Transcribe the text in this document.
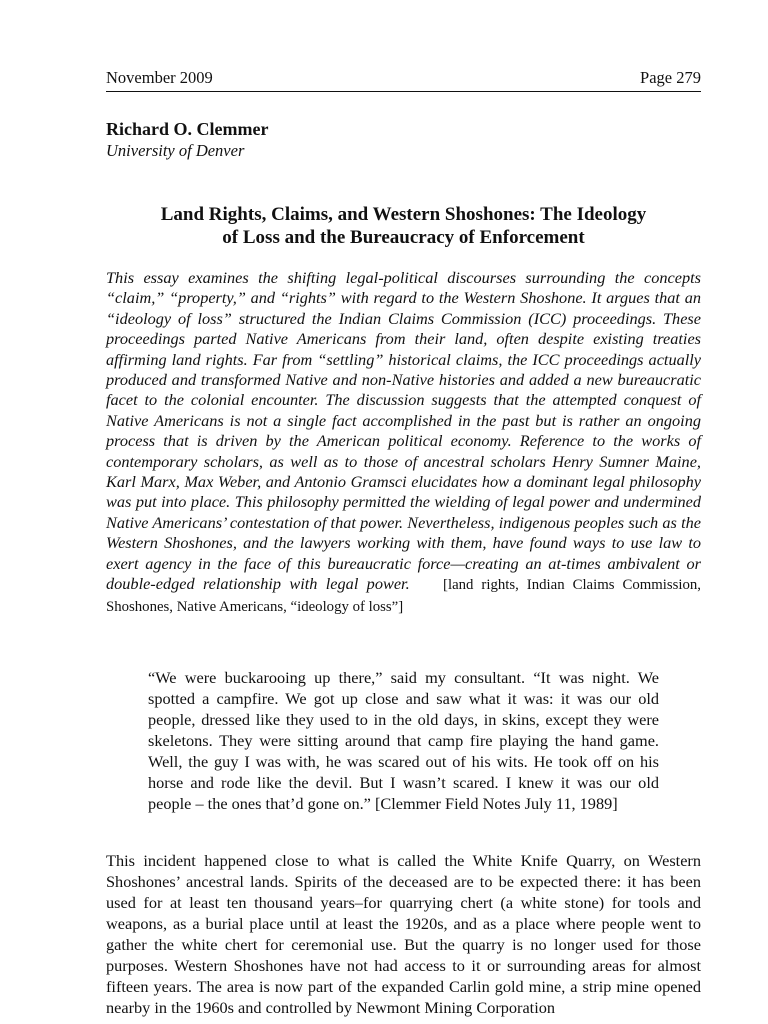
November 2009	Page 279
Richard O. Clemmer
University of Denver
Land Rights, Claims, and Western Shoshones: The Ideology
of Loss and the Bureaucracy of Enforcement
This essay examines the shifting legal-political discourses surrounding the concepts “claim,” “property,” and “rights” with regard to the Western Shoshone. It argues that an “ideology of loss” structured the Indian Claims Commission (ICC) proceedings. These proceedings parted Native Americans from their land, often despite existing treaties affirming land rights. Far from “settling” historical claims, the ICC proceedings actually produced and transformed Native and non-Native histories and added a new bureaucratic facet to the colonial encounter. The discussion suggests that the attempted conquest of Native Americans is not a single fact accomplished in the past but is rather an ongoing process that is driven by the American political economy. Reference to the works of contemporary scholars, as well as to those of ancestral scholars Henry Sumner Maine, Karl Marx, Max Weber, and Antonio Gramsci elucidates how a dominant legal philosophy was put into place. This philosophy permitted the wielding of legal power and undermined Native Americans’ contestation of that power. Nevertheless, indigenous peoples such as the Western Shoshones, and the lawyers working with them, have found ways to use law to exert agency in the face of this bureaucratic force—creating an at-times ambivalent or double-edged relationship with legal power. [land rights, Indian Claims Commission, Shoshones, Native Americans, “ideology of loss”]
“We were buckarooing up there,” said my consultant. “It was night. We spotted a campfire. We got up close and saw what it was: it was our old people, dressed like they used to in the old days, in skins, except they were skeletons. They were sitting around that camp fire playing the hand game. Well, the guy I was with, he was scared out of his wits. He took off on his horse and rode like the devil. But I wasn’t scared. I knew it was our old people – the ones that’d gone on.” [Clemmer Field Notes July 11, 1989]
This incident happened close to what is called the White Knife Quarry, on Western Shoshones’ ancestral lands. Spirits of the deceased are to be expected there: it has been used for at least ten thousand years–for quarrying chert (a white stone) for tools and weapons, as a burial place until at least the 1920s, and as a place where people went to gather the white chert for ceremonial use. But the quarry is no longer used for those purposes. Western Shoshones have not had access to it or surrounding areas for almost fifteen years. The area is now part of the expanded Carlin gold mine, a strip mine opened nearby in the 1960s and controlled by Newmont Mining Corporation
